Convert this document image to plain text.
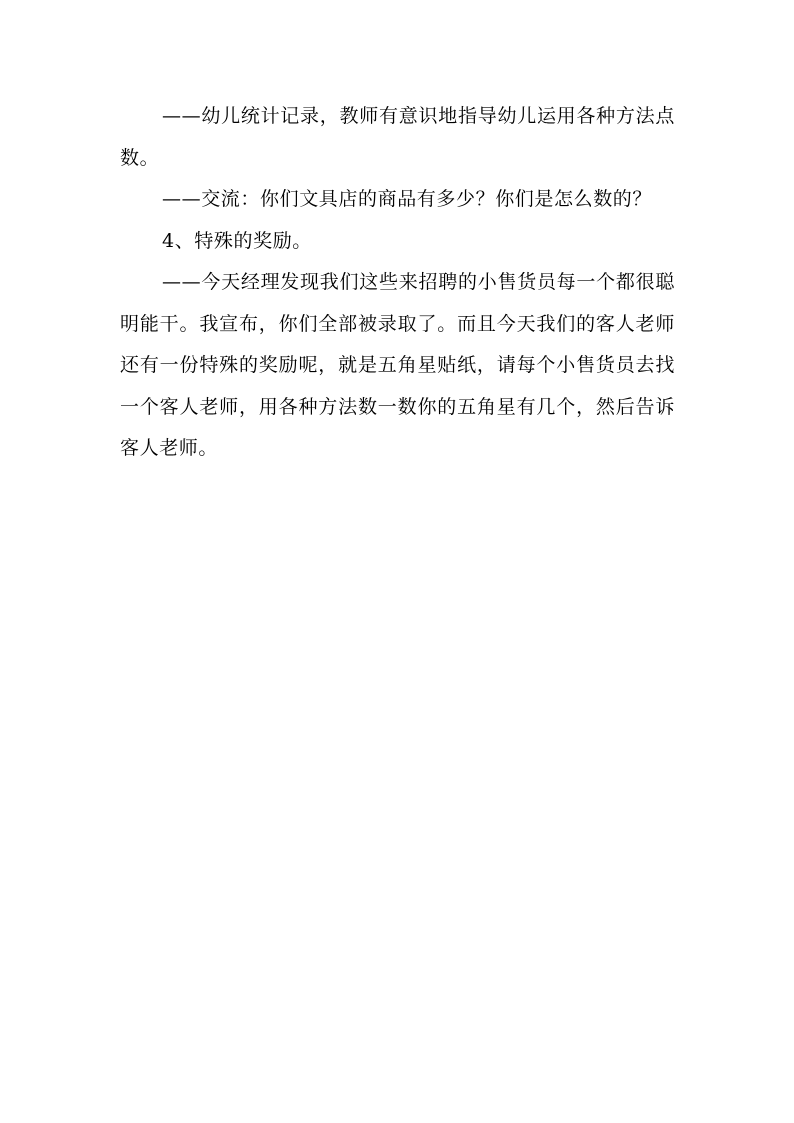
——幼儿统计记录，教师有意识地指导幼儿运用各种方法点数。

——交流：你们文具店的商品有多少？你们是怎么数的？

4、特殊的奖励。

——今天经理发现我们这些来招聘的小售货员每一个都很聪明能干。我宣布，你们全部被录取了。而且今天我们的客人老师还有一份特殊的奖励呢，就是五角星贴纸，请每个小售货员去找一个客人老师，用各种方法数一数你的五角星有几个，然后告诉客人老师。
